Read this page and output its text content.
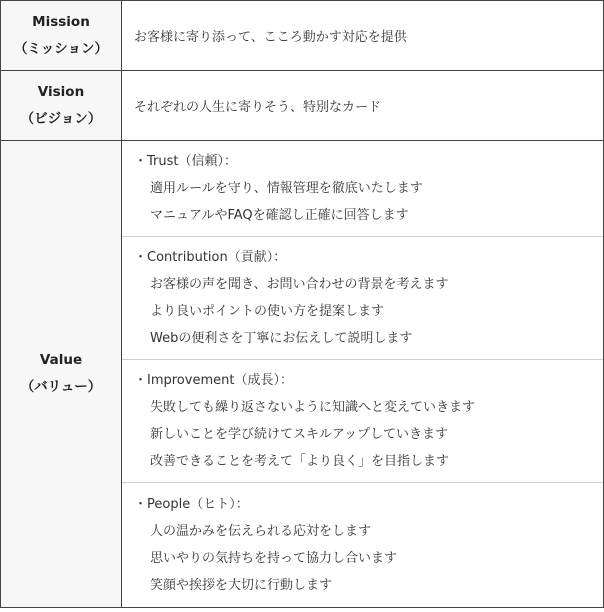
Mission
（ミッション）
	お客様に寄り添って、こころ動かす対応を提供

Vision
（ビジョン）
	それぞれの人生に寄りそう、特別なカード

Value
（バリュー）

・Trust（信頼）：
適用ルールを守り、情報管理を徹底いたします
マニュアルやFAQを確認し正確に回答します

・Contribution（貢献）：
お客様の声を聞き、お問い合わせの背景を考えます
より良いポイントの使い方を提案します
Webの便利さを丁寧にお伝えして説明します

・Improvement（成長）：
失敗しても繰り返さないように知識へと変えていきます
新しいことを学び続けてスキルアップしていきます
改善できることを考えて「より良く」を目指します

・People（ヒト）：
人の温かみを伝えられる応対をします
思いやりの気持ちを持って協力し合います
笑顔や挨拶を大切に行動します
